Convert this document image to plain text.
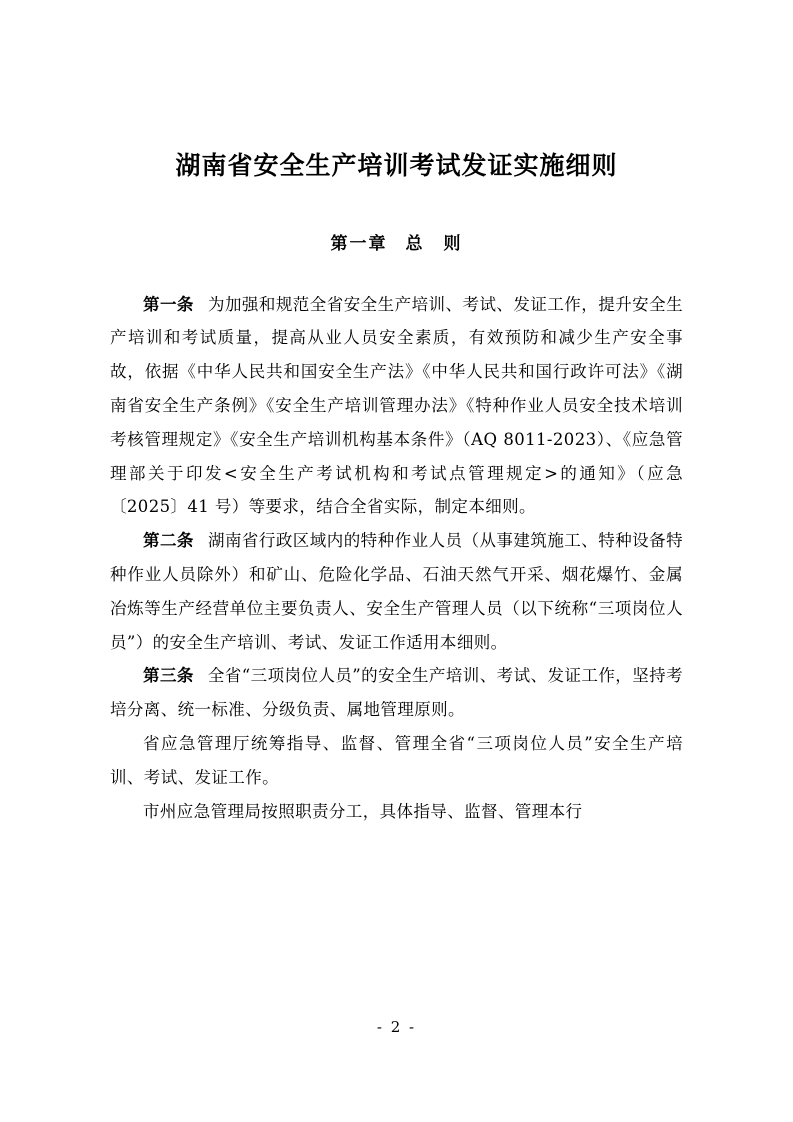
湖南省安全生产培训考试发证实施细则
第一章 总　则

第一条 为加强和规范全省安全生产培训、考试、发证工作，提升安全生产培训和考试质量，提高从业人员安全素质，有效预防和减少生产安全事故，依据《中华人民共和国安全生产法》《中华人民共和国行政许可法》《湖南省安全生产条例》《安全生产培训管理办法》《特种作业人员安全技术培训考核管理规定》《安全生产培训机构基本条件》（AQ 8011-2023）、《应急管理部关于印发<安全生产考试机构和考试点管理规定>的通知》（应急〔2025〕41 号）等要求，结合全省实际，制定本细则。

第二条 湖南省行政区域内的特种作业人员（从事建筑施工、特种设备特种作业人员除外）和矿山、危险化学品、石油天然气开采、烟花爆竹、金属冶炼等生产经营单位主要负责人、安全生产管理人员（以下统称“三项岗位人员”）的安全生产培训、考试、发证工作适用本细则。

第三条 全省“三项岗位人员”的安全生产培训、考试、发证工作，坚持考培分离、统一标准、分级负责、属地管理原则。

省应急管理厅统筹指导、监督、管理全省“三项岗位人员”安全生产培训、考试、发证工作。

市州应急管理局按照职责分工，具体指导、监督、管理本行

- 2 -
